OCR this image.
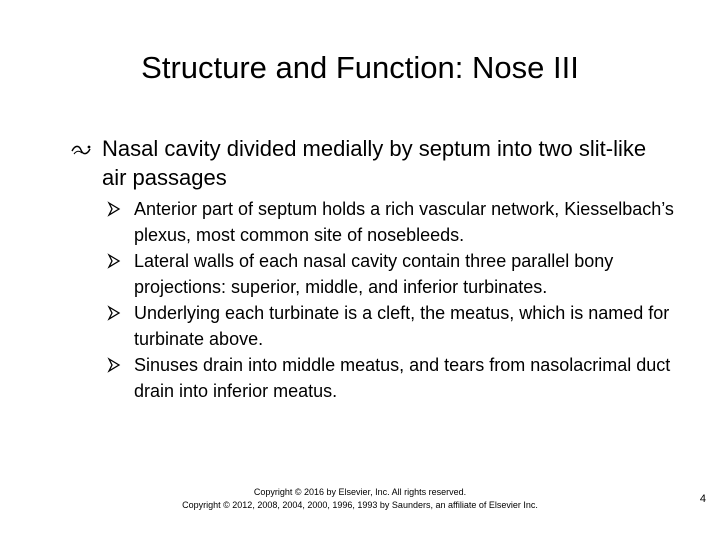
Structure and Function: Nose III
Nasal cavity divided medially by septum into two slit-like air passages
Anterior part of septum holds a rich vascular network, Kiesselbach’s plexus, most common site of nosebleeds.
Lateral walls of each nasal cavity contain three parallel bony projections: superior, middle, and inferior turbinates.
Underlying each turbinate is a cleft, the meatus, which is named for turbinate above.
Sinuses drain into middle meatus, and tears from nasolacrimal duct drain into inferior meatus.
Copyright © 2016 by Elsevier, Inc. All rights reserved.
Copyright © 2012, 2008, 2004, 2000, 1996, 1993 by Saunders, an affiliate of Elsevier Inc.	4
